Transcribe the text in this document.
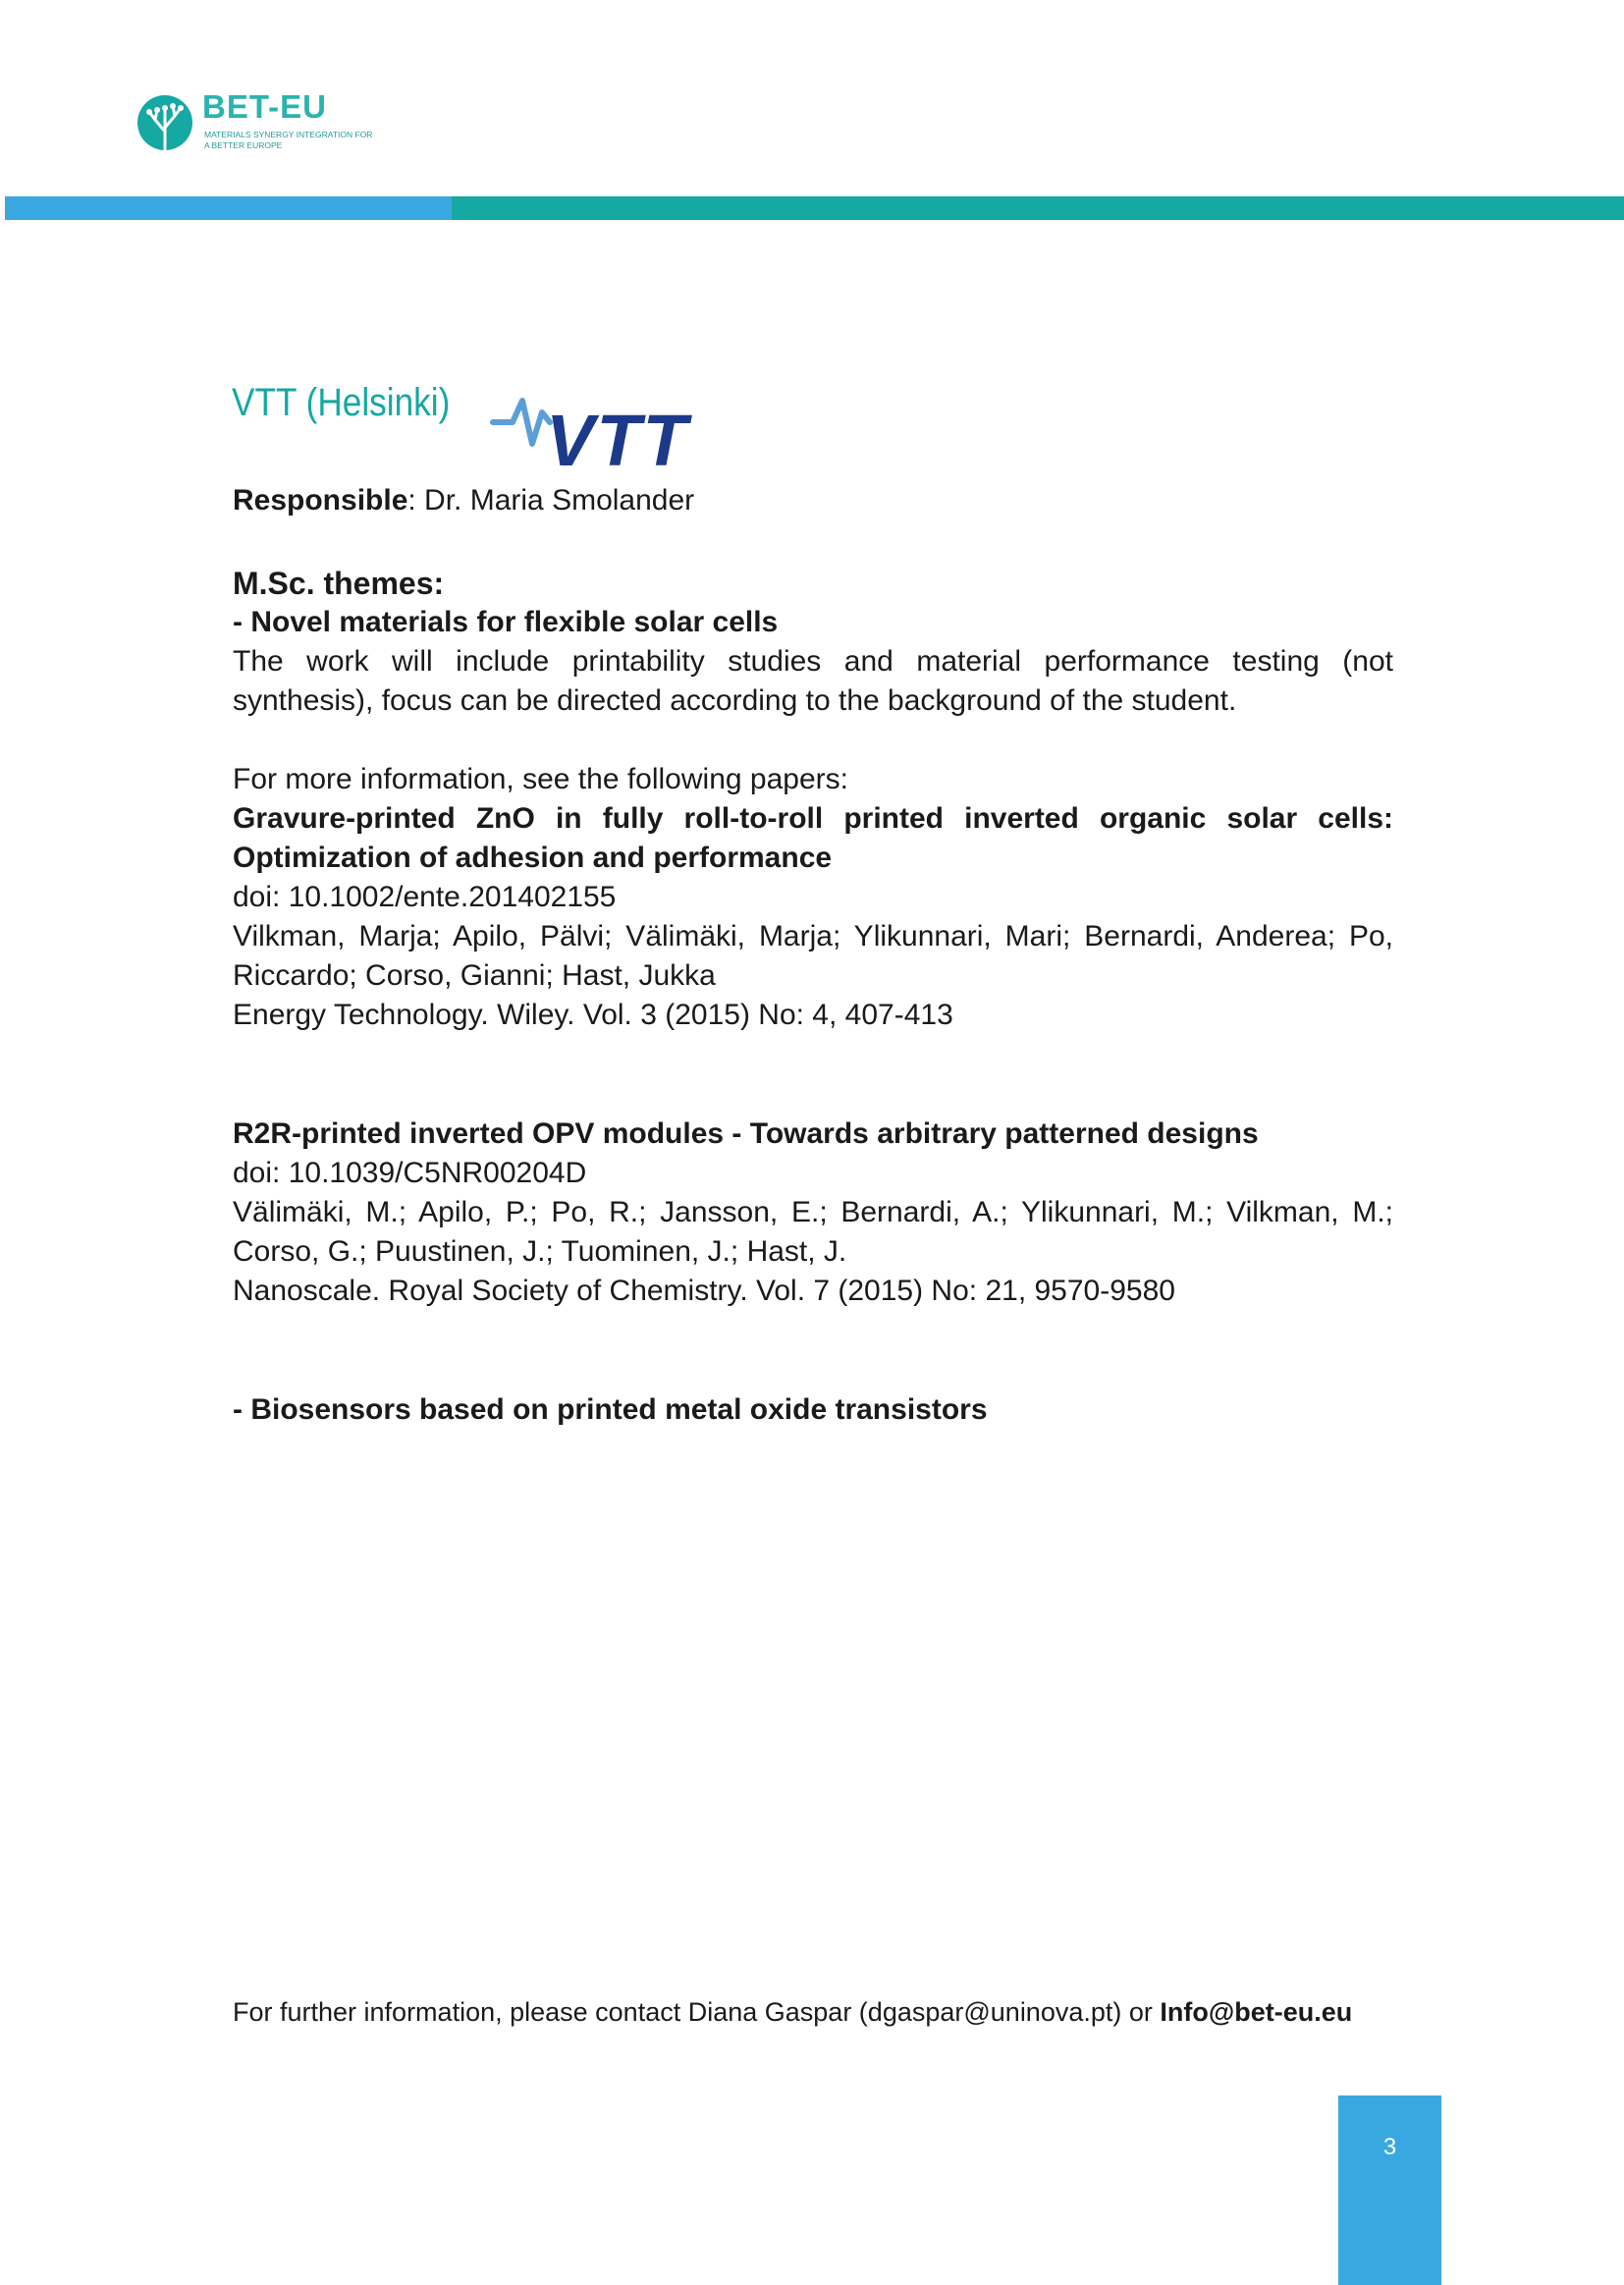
BET-EU
MATERIALS SYNERGY INTEGRATION FOR
A BETTER EUROPE
VTT (Helsinki) VTT

Responsible: Dr. Maria Smolander

M.Sc. themes:

- Novel materials for flexible solar cells

The work will include printability studies and material performance testing (not synthesis), focus can be directed according to the background of the student.

For more information, see the following papers:

Gravure-printed ZnO in fully roll-to-roll printed inverted organic solar cells: Optimization of adhesion and performance

doi: 10.1002/ente.201402155

Vilkman, Marja; Apilo, Pälvi; Välimäki, Marja; Ylikunnari, Mari; Bernardi, Anderea; Po, Riccardo; Corso, Gianni; Hast, Jukka

Energy Technology. Wiley. Vol. 3 (2015) No: 4, 407-413

R2R-printed inverted OPV modules - Towards arbitrary patterned designs

doi: 10.1039/C5NR00204D

Välimäki, M.; Apilo, P.; Po, R.; Jansson, E.; Bernardi, A.; Ylikunnari, M.; Vilkman, M.; Corso, G.; Puustinen, J.; Tuominen, J.; Hast, J.

Nanoscale. Royal Society of Chemistry. Vol. 7 (2015) No: 21, 9570-9580

- Biosensors based on printed metal oxide transistors

For further information, please contact Diana Gaspar (dgaspar@uninova.pt) or Info@bet-eu.eu
3
